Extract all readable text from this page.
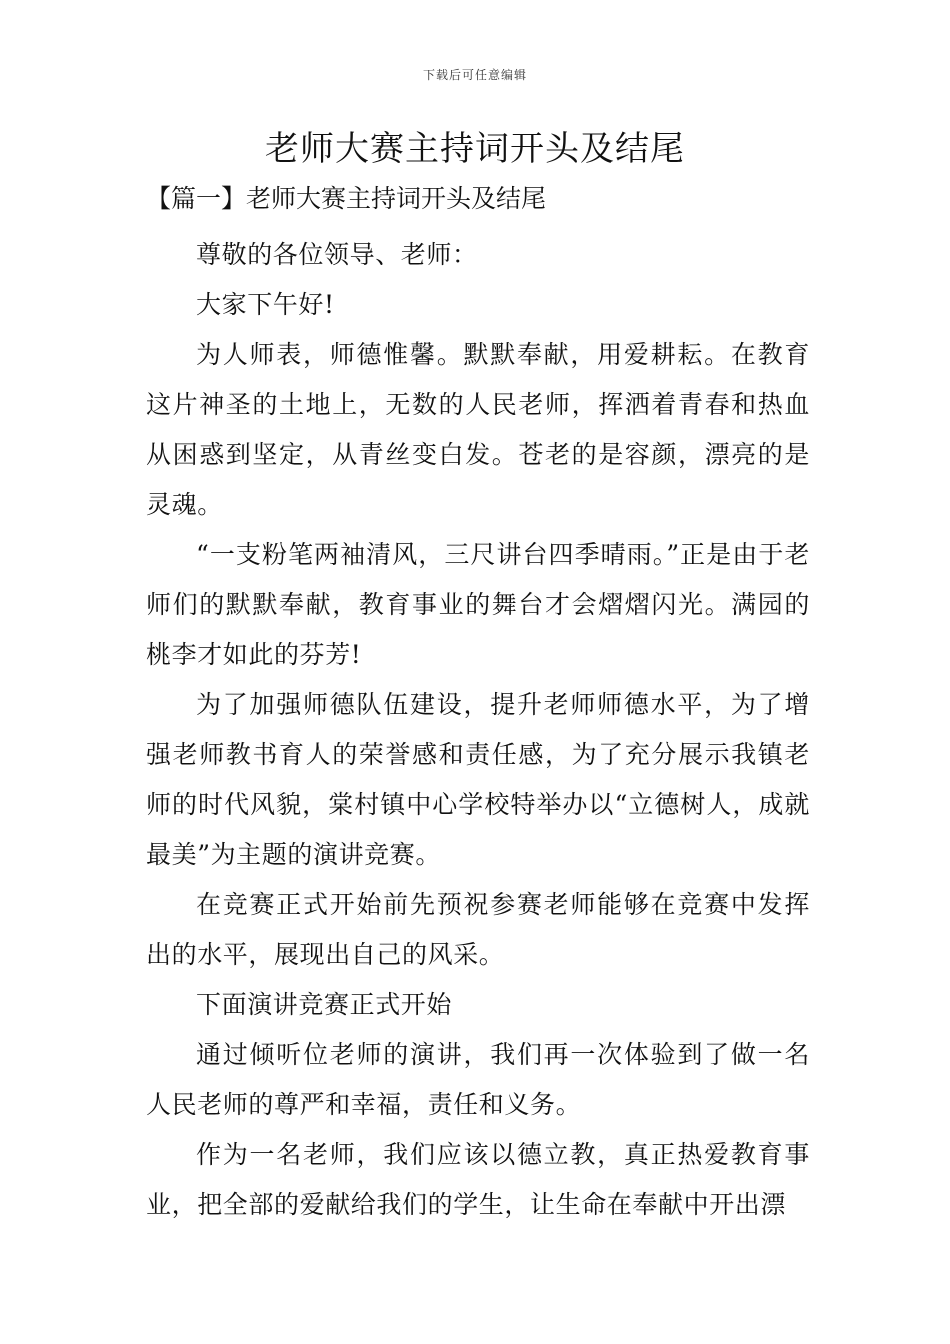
下载后可任意编辑
老师大赛主持词开头及结尾

【篇一】老师大赛主持词开头及结尾

尊敬的各位领导、老师：

大家下午好!

为人师表，师德惟馨。默默奉献，用爱耕耘。在教育这片神圣的土地上，无数的人民老师，挥洒着青春和热血从困惑到坚定，从青丝变白发。苍老的是容颜，漂亮的是灵魂。

“一支粉笔两袖清风，三尺讲台四季晴雨。”正是由于老师们的默默奉献，教育事业的舞台才会熠熠闪光。满园的桃李才如此的芬芳!

为了加强师德队伍建设，提升老师师德水平，为了增强老师教书育人的荣誉感和责任感，为了充分展示我镇老师的时代风貌，棠村镇中心学校特举办以“立德树人，成就最美”为主题的演讲竞赛。

在竞赛正式开始前先预祝参赛老师能够在竞赛中发挥出的水平，展现出自己的风采。

下面演讲竞赛正式开始

通过倾听位老师的演讲，我们再一次体验到了做一名人民老师的尊严和幸福，责任和义务。

作为一名老师，我们应该以德立教，真正热爱教育事业，把全部的爱献给我们的学生，让生命在奉献中开出漂
